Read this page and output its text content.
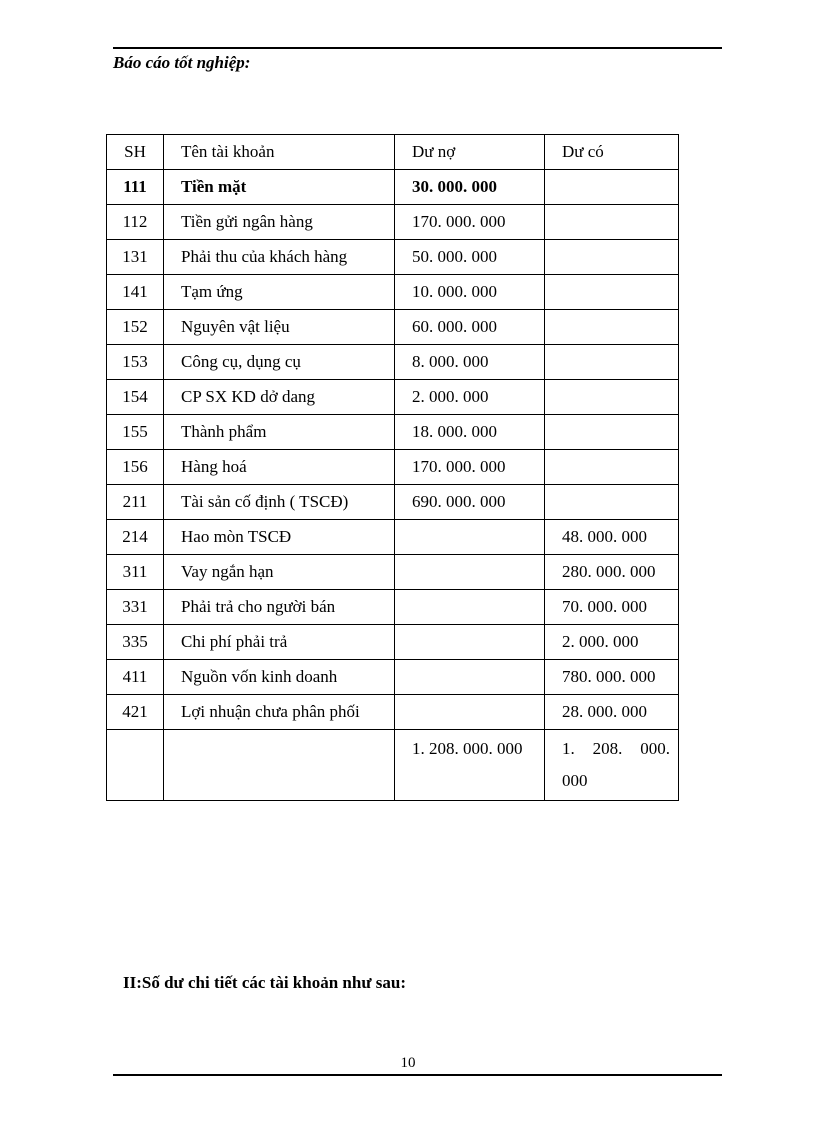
Báo cáo tốt nghiệp:
SH	Tên tài khoản	Dư nợ	Dư có
111	Tiền mặt	30. 000. 000	
112	Tiền gửi ngân hàng	170. 000. 000	
131	Phải thu của khách hàng	50. 000. 000	
141	Tạm ứng	10. 000. 000	
152	Nguyên vật liệu	60. 000. 000	
153	Công cụ, dụng cụ	8. 000. 000	
154	CP SX KD dở dang	2. 000. 000	
155	Thành phẩm	18. 000. 000	
156	Hàng hoá	170. 000. 000	
211	Tài sản cố định ( TSCĐ)	690. 000. 000	
214	Hao mòn TSCĐ		48. 000. 000
311	Vay ngắn hạn		280. 000. 000
331	Phải trả cho người bán		70. 000. 000
335	Chi phí phải trả		2. 000. 000
411	Nguồn vốn kinh doanh		780. 000. 000
421	Lợi nhuận chưa phân phối		28. 000. 000
		1. 208. 000. 000	1. 208. 000. 000
II:Số dư chi tiết các tài khoản như sau:
10
